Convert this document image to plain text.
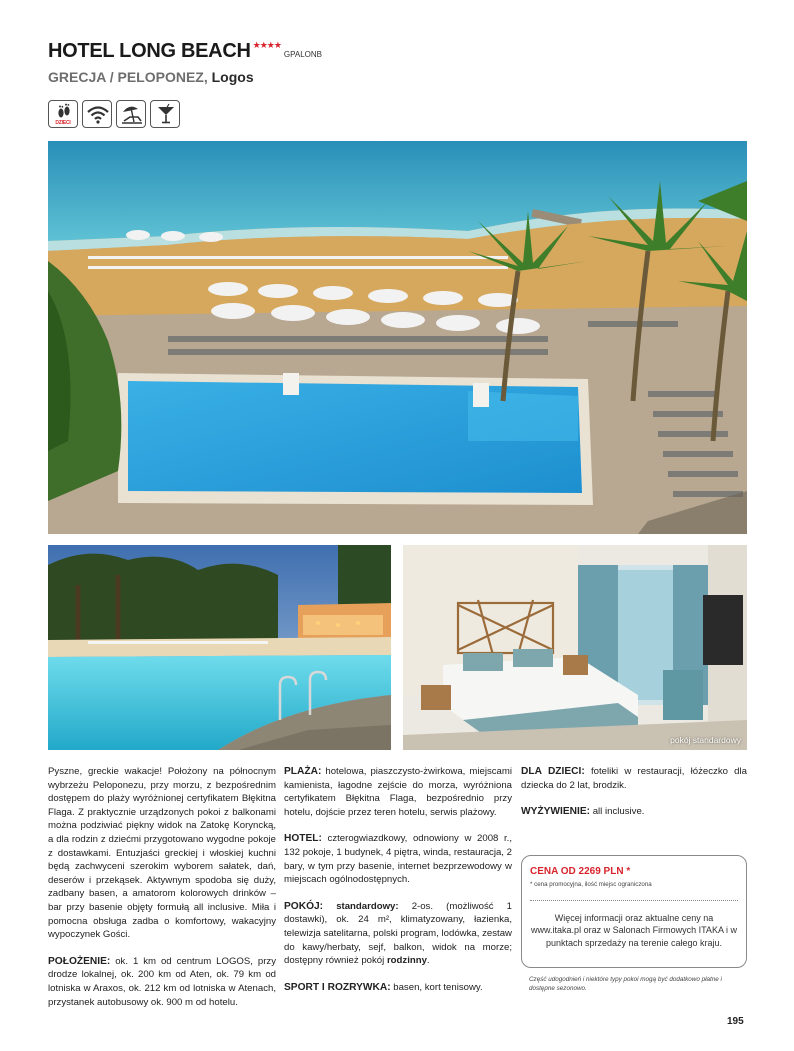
HOTEL LONG BEACH ★★★★
GPALONB
GRECJA / PELOPONEZ, Logos
DZIECI
pokój standardowy

Pyszne, greckie wakacje! Położony na północnym wybrzeżu Peloponezu, przy morzu, z bezpośrednim dostępem do plaży wyróżnionej certyfikatem Błękitna Flaga. Z praktycznie urządzonych pokoi z balkonami można podziwiać piękny widok na Zatokę Koryncką, a dla rodzin z dziećmi przygotowano wygodne pokoje z dostawkami. Entuzjaści greckiej i włoskiej kuchni będą zachwyceni szerokim wyborem sałatek, dań, deserów i przekąsek. Aktywnym spodoba się duży, zadbany basen, a amatorom kolorowych drinków – bar przy basenie objęty formułą all inclusive. Miła i pomocna obsługa zadba o komfortowy, wakacyjny wypoczynek Gości.

POŁOŻENIE: ok. 1 km od centrum LOGOS, przy drodze lokalnej, ok. 200 km od Aten, ok. 79 km od lotniska w Araxos, ok. 212 km od lotniska w Atenach, przystanek autobusowy ok. 900 m od hotelu.

PLAŻA: hotelowa, piaszczysto-żwirkowa, miejscami kamienista, łagodne zejście do morza, wyróżniona certyfikatem Błękitna Flaga, bezpośrednio przy hotelu, dojście przez teren hotelu, serwis plażowy.

HOTEL: czterogwiazdkowy, odnowiony w 2008 r., 132 pokoje, 1 budynek, 4 piętra, winda, restauracja, 2 bary, w tym przy basenie, internet bezprzewodowy w miejscach ogólnodostępnych.

POKÓJ: standardowy: 2-os. (możliwość 1 dostawki), ok. 24 m², klimatyzowany, łazienka, telewizja satelitarna, polski program, lodówka, zestaw do kawy/herbaty, sejf, balkon, widok na morze; dostępny również pokój rodzinny.

SPORT I ROZRYWKA: basen, kort tenisowy.

DLA DZIECI: foteliki w restauracji, łóżeczko dla dziecka do 2 lat, brodzik.

WYŻYWIENIE: all inclusive.

CENA OD 2269 PLN *
* cena promocyjna, ilość miejsc ograniczona
Więcej informacji oraz aktualne ceny na www.itaka.pl oraz w Salonach Firmowych ITAKA i w punktach sprzedaży na terenie całego kraju.
Część udogodnień i niektóre typy pokoi mogą być dodatkowo płatne i dostępne sezonowo.
195
